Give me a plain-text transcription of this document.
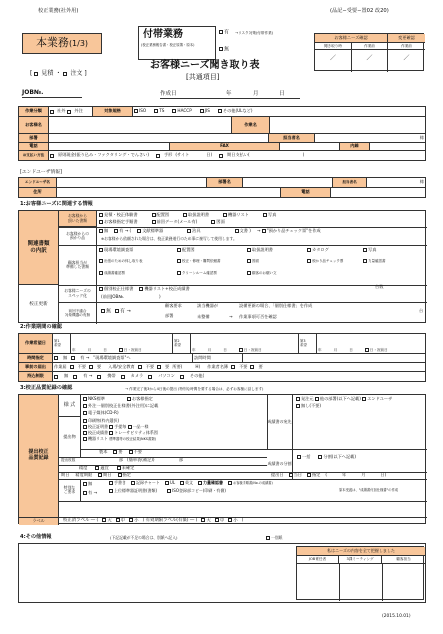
校正業務(社外用)	(品記−受要−置02 改20)
本業務 (1/3)
付帯業務
(校正業務報告書・校正原簿・原本)
有 →リスク対策(付帯作業)
無
お客様ニーズ確認	変更確認
聞き取り時	作業前	作業前
／	／	／
[ 見積 ・ 注文 ]
お客様ニーズ聞き取り表
[共通項目]
JOB№.	作成日	年	月	日
作業分類	社外 外注	対象規格	ISO	TS	HACCP	JIS	その他(ULなど)
お客様名	作業名
部署	担当者名	様
電話	FAX	内線
お支払い方法	原則現金(振り込み・ファクタリング・でんさい)	手形 (サイト	日)	期日支払い(	)
[エンドユーザ情報]
エンドユーザ名	部署名	担当者名	様
住所	電話
1:お客様ニーズに関連する情報
関連書類
の内訳
校正更新
お客様から
頂いた書類
見積・校正体験書	配置図	取扱説明書	機器リスト	写真
お客様指定手順書	前回データ(メール有)	図面
お客様からの
預かり品
無	有 → (	文献標準器	治具	文書 ) → "預かり品チェック票"を作成
※お客様から依頼された場合は、校正業務遂行のため事に複写して使用します。
顧客担当が
準備した書類
現場環境調査票	配置図	取扱説明書	カタログ	写真
出張のための休し取り表	校正・修理・購買依頼書	図面	預かり品チェック票	力量確認書
成績書確認票	クリーンルーム確認票	顧客のお願い文
お客様ニーズの
スペック化
個別校正仕様書	機器リスト+校正成績書	台数
(前回JOB№.	)
前回不適合
対象機器の有無
無	有 →
顧客要求
部署
該当機器が	設備更新の場合、「個別仕様書」を作成
台
未整備	→ 作業事項可否を確認
2:作業期間の確認
作業希望日	第1
希望
年	月	日	日・祝前日
第2
希望
年	月	日	日・祝前日
第3
希望
年	月	日	日・祝前日
時間指定	無	有 → "現場環境調査票"へ	訪問時間
事前の届出	作業届	不要	要 入場/安全教育	不要	要 所要(	H) 作業者名簿	不要	要
持込制限	無	有 →	携帯	カメラ	パソコン	その他(
3:校正品質記録の確認	→ 作業完了後3から4日後の提出 (特別な時間を要する場合は、必ずお客様に話します)
提出校正
品質記録
様 式
NKS標準	お客様指定
外注一個別校正仕様書(外注用)に記載
電子媒体(CD-R)
成績書の宛先
発注元 他の部署(以下へ記載) エンドユーザ
無し(不要)
提出物
印刷物(枠内選択)
校正証明書 手提毎 一品一様
校正成績書 トレーサビリティ体系図
機器リスト 標準器等の校正結果(NKS書類)
製本	要	不要
提出枚数	部 (簡単表(補足))	部
成績書の分割
一括	分割(以下へ記載)
精度	適宜	未確定
期日 精度期限	期日	指定	提出日	当日	指定 (	年	月	日)
特別な
ご要求
無
有 →
手書き	記録チャート	UL	英文	力量確認書	お客様手順書(No.の成績書)
上位標準器証明書(書類)	ISO登録部コピー(印刷・有償)	原本受渡は、"成績書付加仕様書"の作成
ラベル	校正済ラベル ― (	大	中	小 ) 有効期限ラベル(有償) ― (	大	中	小 )
4:その他情報	(下記記載が不足の場合は、別紙へ記入)	一別紙
私はニーズの内容を全て把握しました
JOB責任者	3課ミーティング	顧客担当
(2015.10.01)
